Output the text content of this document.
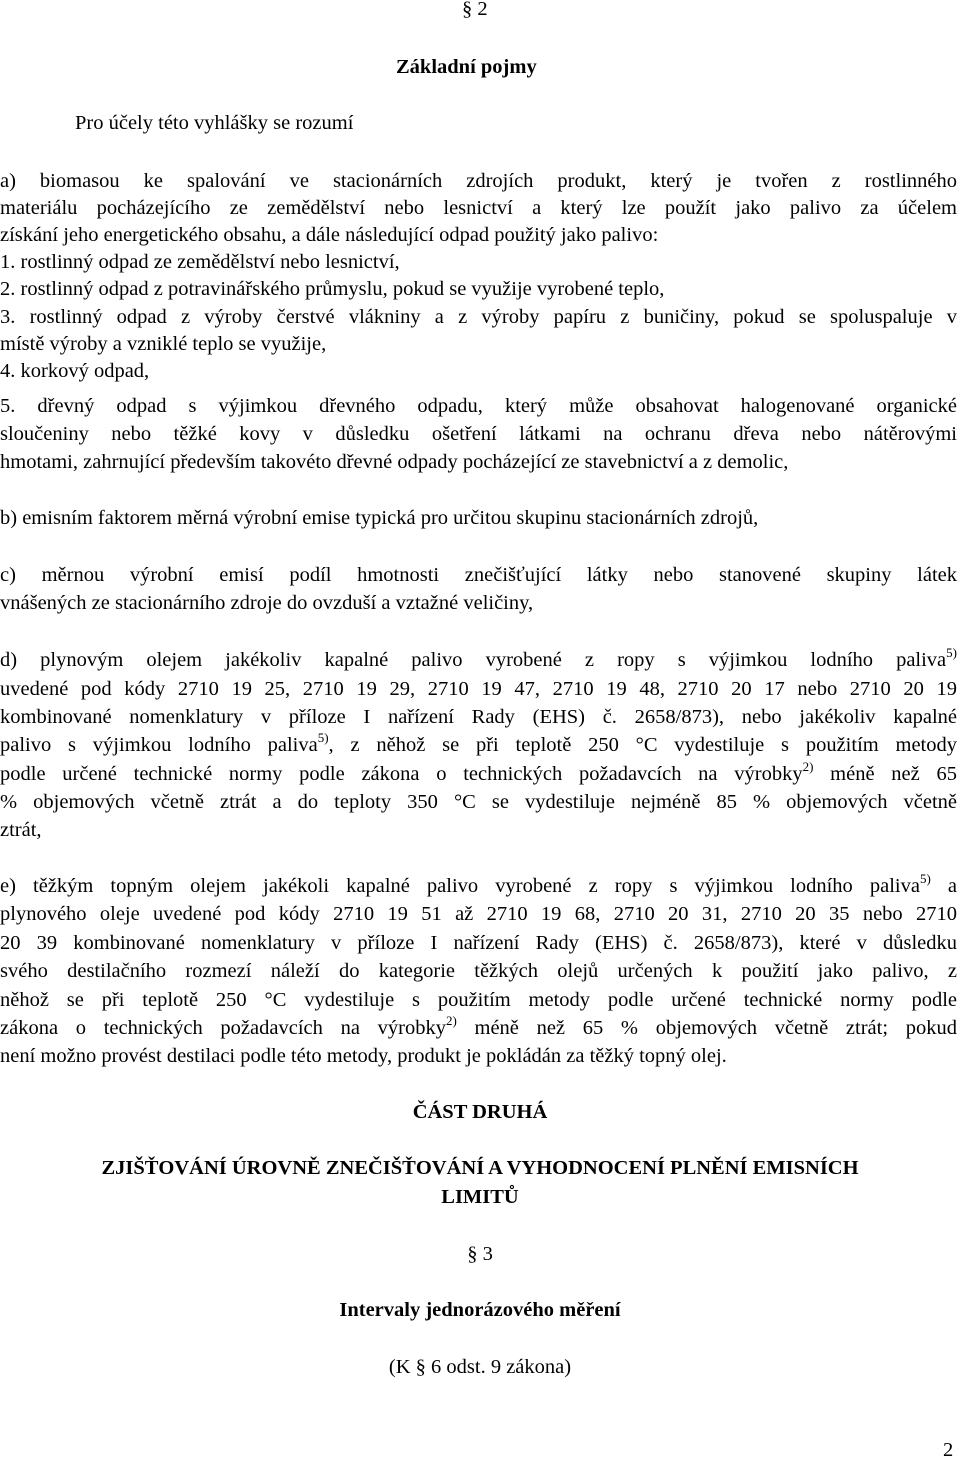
§ 2
Základní pojmy
Pro účely této vyhlášky se rozumí
a) biomasou ke spalování ve stacionárních zdrojích produkt, který je tvořen z rostlinného
materiálu pocházejícího ze zemědělství nebo lesnictví a který lze použít jako palivo za účelem
získání jeho energetického obsahu, a dále následující odpad použitý jako palivo:
1. rostlinný odpad ze zemědělství nebo lesnictví,
2. rostlinný odpad z potravinářského průmyslu, pokud se využije vyrobené teplo,
3. rostlinný odpad z výroby čerstvé vlákniny a z výroby papíru z buničiny, pokud se spoluspaluje v
místě výroby a vzniklé teplo se využije,
4. korkový odpad,
5. dřevný odpad s výjimkou dřevného odpadu, který může obsahovat halogenované organické
sloučeniny nebo těžké kovy v důsledku ošetření látkami na ochranu dřeva nebo nátěrovými
hmotami, zahrnující především takovéto dřevné odpady pocházející ze stavebnictví a z demolic,
b) emisním faktorem měrná výrobní emise typická pro určitou skupinu stacionárních zdrojů,
c) měrnou výrobní emisí podíl hmotnosti znečišťující látky nebo stanovené skupiny látek
vnášených ze stacionárního zdroje do ovzduší a vztažné veličiny,
d) plynovým olejem jakékoliv kapalné palivo vyrobené z ropy s výjimkou lodního paliva$^{5)}$
uvedené pod kódy 2710 19 25, 2710 19 29, 2710 19 47, 2710 19 48, 2710 20 17 nebo 2710 20 19
kombinované nomenklatury v příloze I nařízení Rady (EHS) č. 2658/873), nebo jakékoliv kapalné
palivo s výjimkou lodního paliva$^{5)}$, z něhož se při teplotě 250 °C vydestiluje s použitím metody
podle určené technické normy podle zákona o technických požadavcích na výrobky$^{2)}$ méně než 65
% objemových včetně ztrát a do teploty 350 °C se vydestiluje nejméně 85 % objemových včetně
ztrát,
e) těžkým topným olejem jakékoli kapalné palivo vyrobené z ropy s výjimkou lodního paliva$^{5)}$ a
plynového oleje uvedené pod kódy 2710 19 51 až 2710 19 68, 2710 20 31, 2710 20 35 nebo 2710
20 39 kombinované nomenklatury v příloze I nařízení Rady (EHS) č. 2658/873), které v důsledku
svého destilačního rozmezí náleží do kategorie těžkých olejů určených k použití jako palivo, z
něhož se při teplotě 250 °C vydestiluje s použitím metody podle určené technické normy podle
zákona o technických požadavcích na výrobky$^{2)}$ méně než 65 % objemových včetně ztrát; pokud
není možno provést destilaci podle této metody, produkt je pokládán za těžký topný olej.
ČÁST DRUHÁ
ZJIŠŤOVÁNÍ ÚROVNĚ ZNEČIŠŤOVÁNÍ A VYHODNOCENÍ PLNĚNÍ EMISNÍCH
LIMITŮ
§ 3
Intervaly jednorázového měření
(K § 6 odst. 9 zákona)
2
